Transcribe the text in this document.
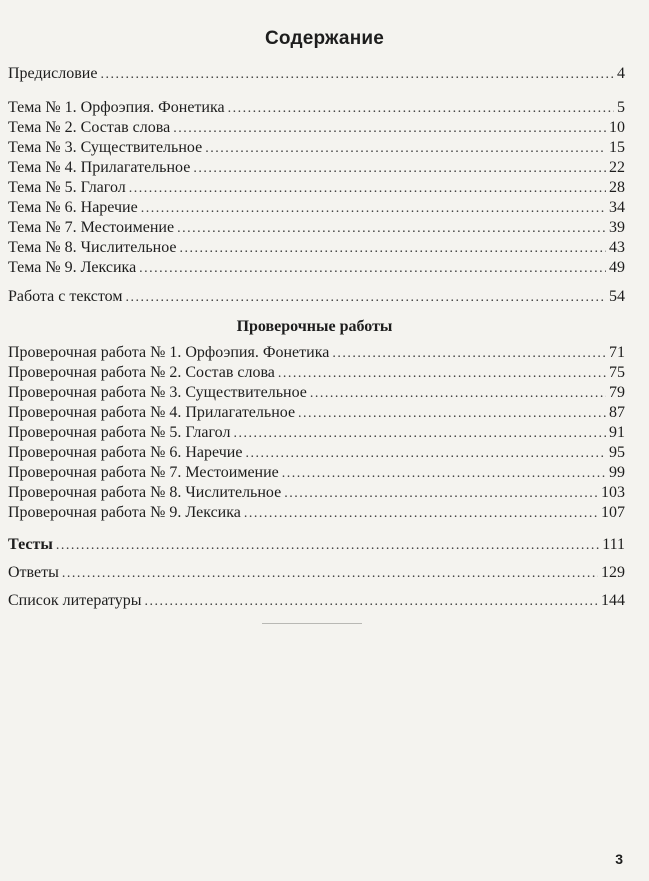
Содержание
Предисловие . . .	4
Тема № 1. Орфоэпия. Фонетика . . .	5
Тема № 2. Состав слова . . .	10
Тема № 3. Существительное . . .	15
Тема № 4. Прилагательное . . .	22
Тема № 5. Глагол . . .	28
Тема № 6. Наречие . . .	34
Тема № 7. Местоимение . . .	39
Тема № 8. Числительное . . .	43
Тема № 9. Лексика . . .	49
Работа с текстом . . .	54
Проверочные работы
Проверочная работа № 1. Орфоэпия. Фонетика . . .	71
Проверочная работа № 2. Состав слова . . .	75
Проверочная работа № 3. Существительное . . .	79
Проверочная работа № 4. Прилагательное . . .	87
Проверочная работа № 5. Глагол . . .	91
Проверочная работа № 6. Наречие . . .	95
Проверочная работа № 7. Местоимение . . .	99
Проверочная работа № 8. Числительное . . .	103
Проверочная работа № 9. Лексика . . .	107
Тесты . . .	111
Ответы . . .	129
Список литературы . . .	144
3
